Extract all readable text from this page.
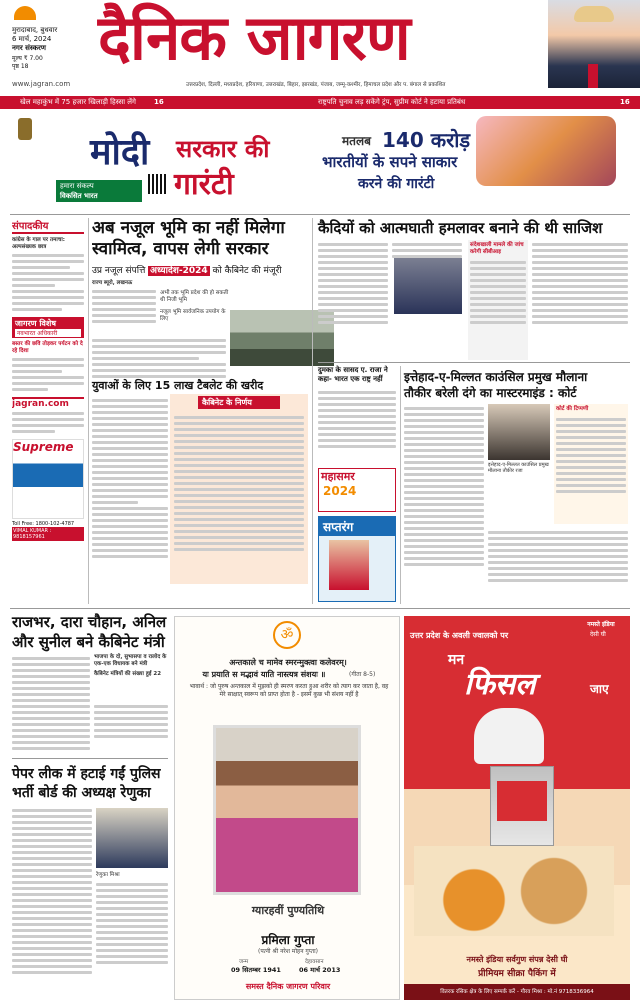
मुरादाबाद, बुधवार
6 मार्च, 2024
नगर संस्करण
मूल्य ₹ 7.00
पृष्ठ 18
www.jagran.com
दैनिक जागरण
उत्तरप्रदेश, दिल्ली, मध्यप्रदेश, हरियाणा, उत्तराखंड, बिहार, झारखंड, पंजाब, जम्मू-कश्मीर, हिमाचल प्रदेश और प. बंगाल से प्रकाशित
खेल महाकुंभ में 75 हजार खिलाड़ी हिस्सा लेंगे	16	राष्ट्रपति चुनाव लड़ सकेंगे ट्रंप, सुप्रीम कोर्ट ने हटाया प्रतिबंध	16
मोदी सरकार की
गारंटी
हमारा संकल्प
विकसित भारत
मतलब 140 करोड़
भारतीयों के सपने साकार
करने की गारंटी
संपादकीय
कांग्रेस के गाल पर तमाचा: अल्पसंख्यक छात्र
जागरण विशेष
नवभारत अधिकारी
बस्तर की छवि तोड़कर पर्यटन को दे रहे दिशा
jagran.com
Supreme
Toll Free: 1800-102-4787
VIMAL KUMAR : 9818157961
अब नजूल भूमि का नहीं मिलेगा
स्वामित्व, वापस लेगी सरकार
उप्र नजूल संपत्ति अध्यादेश-2024 को कैबिनेट की मंजूरी
राज्य ब्यूरो, लखनऊ
अभी तक भूमि प्रदेश की हो सकती थी निजी भूमि नजूल भूमि सार्वजनिक उपयोग के लिए
युवाओं के लिए 15 लाख टैबलेट की खरीद
कैबिनेट के निर्णय
कैदियों को आत्मघाती हमलावर बनाने की थी साजिश
संदेशखाली मामले की जांच करेगी सीबीआइ
दुमका के सासद ए. राजा ने कहा- भारत एक राष्ट्र नहीं
महासमर
2024
सप्तरंग
इत्तेहाद-ए-मिल्लत काउंसिल प्रमुख मौलाना
तौकीर बरेली दंगे का मास्टरमाइंड : कोर्ट
इत्तेहाद-ए-मिल्लत काउंसिल प्रमुख मौलाना तौकीर रजा
कोर्ट की टिप्पणी
राजभर, दारा चौहान, अनिल
और सुनील बने कैबिनेट मंत्री
भाजपा के दो, सुभासपा व रालोद के एक-एक विधायक बने मंत्री
कैबिनेट मंत्रियों की संख्या हुई 22
पेपर लीक में हटाई गईं पुलिस
भर्ती बोर्ड की अध्यक्ष रेणुका
रेणुका मिश्रा
ॐ
अन्तकाले च मामेव स्मरन्मुक्त्वा कलेवरम्।
यः प्रयाति स मद्भावं याति नास्त्यत्र संशयः ॥	(गीता 8-5)
भावार्थ : जो पुरुष अन्तकाल में मुझको ही स्मरण करता हुआ शरीर को त्याग कर जाता है, वह मेरे साक्षात् स्वरूप को प्राप्त होता है - इसमें कुछ भी संशय नहीं है
ग्यारहवीं पुण्यतिथि
प्रमिला गुप्ता
(पत्नी श्री नरेश मोहन गुप्ता)
जन्म
09 सितम्बर 1941
देहावसान
06 मार्च 2013
समस्त दैनिक जागरण परिवार
उत्तर प्रदेश के अवली ज्वालको पर
मन
फिसल	जाए
नमस्ते इंडिया
देसी घी
नमस्ते इंडिया सर्वगुण संपन्न देसी घी
प्रीमियम सीक्रा पैकिंग में
वितरक रसिक क्षेत्र के लिए सम्पर्क करें - गौरव मिश्रा : मो.नं 9718336964
